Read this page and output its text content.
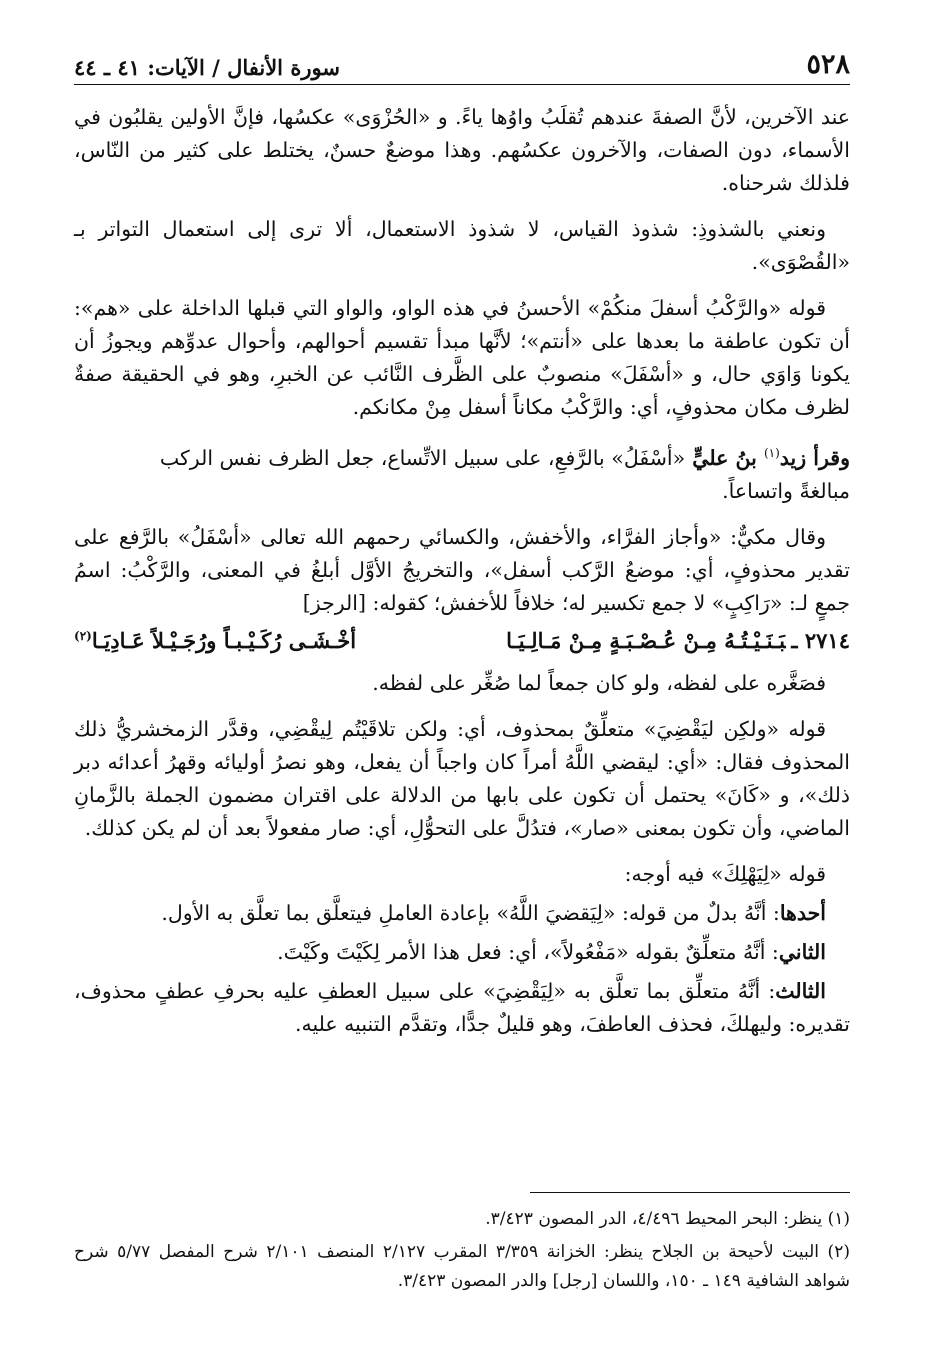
٥٢٨
سورة الأنفال / الآيات: ٤١ ـ ٤٤

عند الآخرين، لأنَّ الصفةَ عندهم تُقلَبُ واوُها ياءً. و «الحُزْوَى» عكسُها، فإنَّ الأولين يقلبُون في الأسماء، دون الصفات، والآخرون عكسُهم. وهذا موضعٌ حسنٌ، يختلط على كثير من النّاس، فلذلك شرحناه.

ونعني بالشذوذِ: شذوذ القياس، لا شذوذ الاستعمال، ألا ترى إلى استعمال التواتر بـ «القُصْوَى».

قوله «والرَّكْبُ أسفلَ منكُمْ» الأحسنُ في هذه الواو، والواو التي قبلها الداخلة على «هم»: أن تكون عاطفة ما بعدها على «أنتم»؛ لأنَّها مبدأ تقسيم أحوالهم، وأحوال عدوِّهم ويجوزُ أن يكونا وَاوَي حال، و «أسْفَلَ» منصوبٌ على الظَّرف النَّائب عن الخبرِ، وهو في الحقيقة صفةٌ لظرف مكان محذوفٍ، أي: والرَّكْبُ مكاناً أسفل مِنْ مكانكم.

وقرأ زيد$^{(١)}$ بنُ عليٍّ «أسْفَلُ» بالرَّفعِ، على سبيل الاتِّساع، جعل الظرف نفس الركب

مبالغةً واتساعاً.

وقال مكيٌّ: «وأجاز الفرَّاء، والأخفش، والكسائي رحمهم الله تعالى «أسْفَلُ» بالرَّفع على تقدير محذوفٍ، أي: موضعُ الرَّكب أسفل»، والتخريجُ الأوَّل أبلغُ في المعنى، والرَّكْبُ: اسمُ جمعٍ لـ: «رَاكِبٍ» لا جمع تكسير له؛ خلافاً للأخفش؛ كقوله: [الرجز]

٢٧١٤ ـبَـنَـيْـتُـهُ مِـنْ عُـصْـبَـةٍ مِـنْ مَـالِـيَـا
أخْـشَـى رُكَـيْـبـاً ورُجَـيْـلاً عَـادِيَـا$^{(٢)}$

فصَغَّره على لفظه، ولو كان جمعاً لما صُغِّر على لفظه.

قوله «ولكِن ليَقْضِيَ» متعلِّقٌ بمحذوف، أي: ولكن تلاقَيْتُم لِيقْضِي، وقدَّر الزمخشريُّ ذلك المحذوف فقال: «أي: ليقضي اللَّهُ أمراً كان واجباً أن يفعل، وهو نصرُ أوليائه وقهرُ أعدائه دبر ذلك»، و «كَانَ» يحتمل أن تكون على بابها من الدلالة على اقتران مضمون الجملة بالزَّمانِ الماضي، وأن تكون بمعنى «صار»، فتدُلَّ على التحوُّلِ، أي: صار مفعولاً بعد أن لم يكن كذلك.

قوله «لِيَهْلِكَ» فيه أوجه:

أحدها: أنَّهُ بدلٌ من قوله: «لِيَقضيَ اللَّهُ» بإعادة العاملِ فيتعلَّق بما تعلَّق به الأول.

الثاني: أنَّهُ متعلِّقٌ بقوله «مَفْعُولاً»، أي: فعل هذا الأمر لِكَيْتَ وكَيْتَ.

الثالث: أنَّهُ متعلِّق بما تعلَّق به «لِيَقْضِيَ» على سبيل العطفِ عليه بحرفِ عطفٍ محذوف، تقديره: وليهلكَ، فحذف العاطفَ، وهو قليلٌ جدًّا، وتقدَّم التنبيه عليه.

(١) ينظر: البحر المحيط ٤/٤٩٦، الدر المصون ٣/٤٢٣.

(٢) البيت لأحيحة بن الجلاح ينظر: الخزانة ٣/٣٥٩ المقرب ٢/١٢٧ المنصف ٢/١٠١ شرح المفصل ٥/٧٧ شرح شواهد الشافية ١٤٩ ـ ١٥٠، واللسان [رجل] والدر المصون ٣/٤٢٣.
